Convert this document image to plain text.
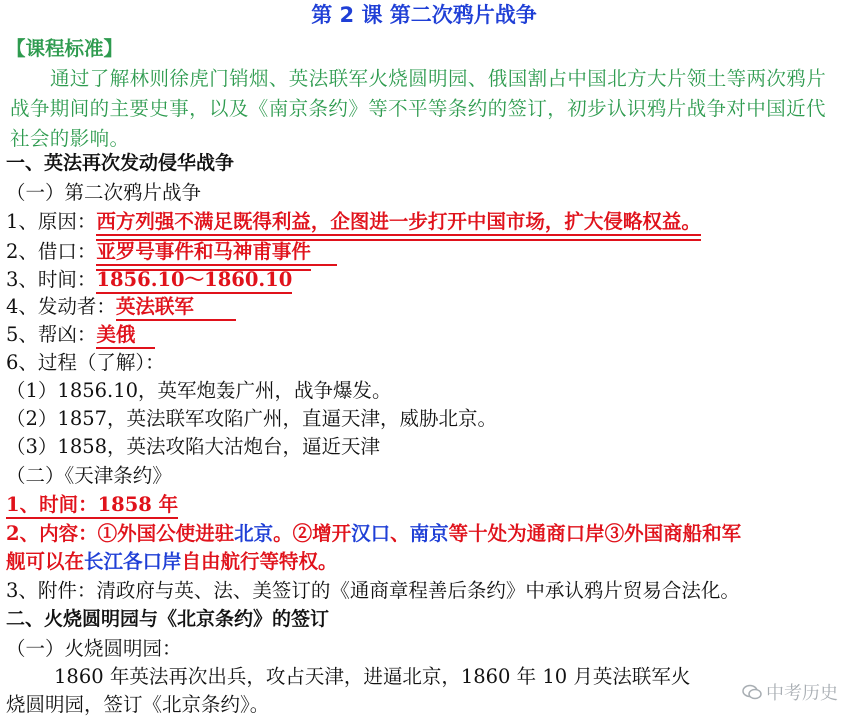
第 2 课 第二次鸦片战争
【课程标准】
通过了解林则徐虎门销烟、英法联军火烧圆明园、俄国割占中国北方大片领土等两次鸦片战争期间的主要史事，以及《南京条约》等不平等条约的签订，初步认识鸦片战争对中国近代社会的影响。
一、英法再次发动侵华战争
（一）第二次鸦片战争
1、原因：西方列强不满足既得利益，企图进一步打开中国市场，扩大侵略权益。
2、借口：亚罗号事件和马神甫事件
3、时间：1856.10～1860.10
4、发动者：英法联军
5、帮凶：美俄
6、过程（了解）：
（1）1856.10，英军炮轰广州，战争爆发。
（2）1857，英法联军攻陷广州，直逼天津，威胁北京。
（3）1858，英法攻陷大沽炮台，逼近天津
（二）《天津条约》
1、时间：1858 年
2、内容：①外国公使进驻北京。②增开汉口、南京等十处为通商口岸③外国商船和军
舰可以在长江各口岸自由航行等特权。
3、附件：清政府与英、法、美签订的《通商章程善后条约》中承认鸦片贸易合法化。
二、火烧圆明园与《北京条约》的签订
（一）火烧圆明园：
1860 年英法再次出兵，攻占天津，进逼北京，1860 年 10 月英法联军火
烧圆明园，签订《北京条约》。	中考历史
